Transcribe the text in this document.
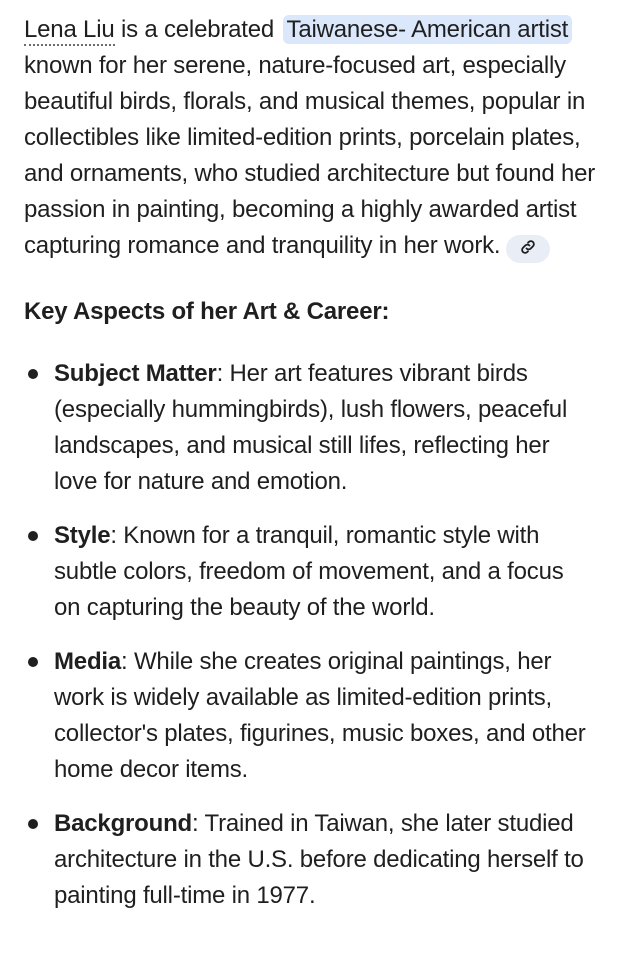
Lena Liu is a celebrated Taiwanese- American artist known for her serene, nature-focused art, especially beautiful birds, florals, and musical themes, popular in collectibles like limited-edition prints, porcelain plates, and ornaments, who studied architecture but found her passion in painting, becoming a highly awarded artist capturing romance and tranquility in her work.

Key Aspects of her Art & Career:
Subject Matter: Her art features vibrant birds (especially hummingbirds), lush flowers, peaceful landscapes, and musical still lifes, reflecting her love for nature and emotion.
Style: Known for a tranquil, romantic style with subtle colors, freedom of movement, and a focus on capturing the beauty of the world.
Media: While she creates original paintings, her work is widely available as limited-edition prints, collector's plates, figurines, music boxes, and other home decor items.
Background: Trained in Taiwan, she later studied architecture in the U.S. before dedicating herself to painting full-time in 1977.
